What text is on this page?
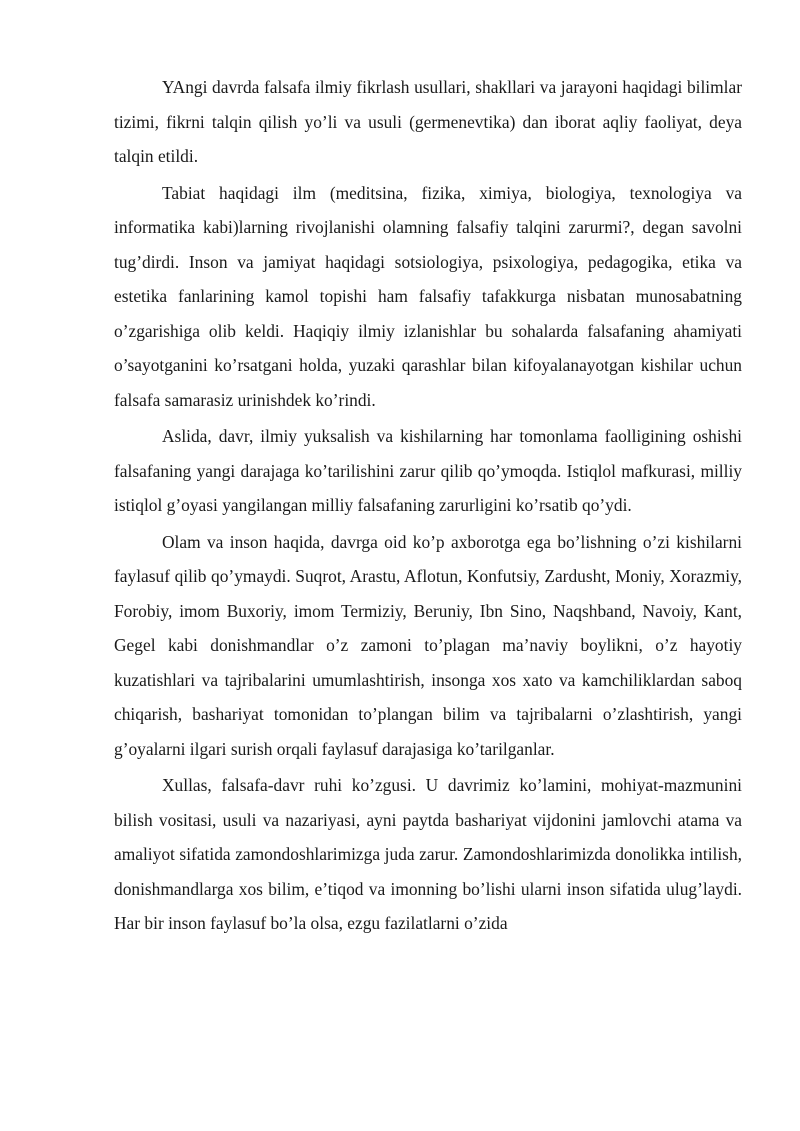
YAngi davrda falsafa ilmiy fikrlash usullari, shakllari va jarayoni haqidagi bilimlar tizimi, fikrni talqin qilish yo’li va usuli (germenevtika) dan iborat aqliy faoliyat, deya talqin etildi.

Tabiat haqidagi ilm (meditsina, fizika, ximiya, biologiya, texnologiya va informatika kabi)larning rivojlanishi olamning falsafiy talqini zarurmi?, degan savolni tug’dirdi. Inson va jamiyat haqidagi sotsiologiya, psixologiya, pedagogika, etika va estetika fanlarining kamol topishi ham falsafiy tafakkurga nisbatan munosabatning o’zgarishiga olib keldi. Haqiqiy ilmiy izlanishlar bu sohalarda falsafaning ahamiyati o’sayotganini ko’rsatgani holda, yuzaki qarashlar bilan kifoyalanayotgan kishilar uchun falsafa samarasiz urinishdek ko’rindi.

Aslida, davr, ilmiy yuksalish va kishilarning har tomonlama faolligining oshishi falsafaning yangi darajaga ko’tarilishini zarur qilib qo’ymoqda. Istiqlol mafkurasi, milliy istiqlol g’oyasi yangilangan milliy falsafaning zarurligini ko’rsatib qo’ydi.

Olam va inson haqida, davrga oid ko’p axborotga ega bo’lishning o’zi kishilarni faylasuf qilib qo’ymaydi. Suqrot, Arastu, Aflotun, Konfutsiy, Zardusht, Moniy, Xorazmiy, Forobiy, imom Buxoriy, imom Termiziy, Beruniy, Ibn Sino, Naqshband, Navoiy, Kant, Gegel kabi donishmandlar o’z zamoni to’plagan ma’naviy boylikni, o’z hayotiy kuzatishlari va tajribalarini umumlashtirish, insonga xos xato va kamchiliklardan saboq chiqarish, bashariyat tomonidan to’plangan bilim va tajribalarni o’zlashtirish, yangi g’oyalarni ilgari surish orqali faylasuf darajasiga ko’tarilganlar.

Xullas, falsafa-davr ruhi ko’zgusi. U davrimiz ko’lamini, mohiyat-mazmunini bilish vositasi, usuli va nazariyasi, ayni paytda bashariyat vijdonini jamlovchi atama va amaliyot sifatida zamondoshlarimizga juda zarur. Zamondoshlarimizda donolikka intilish, donishmandlarga xos bilim, e’tiqod va imonning bo’lishi ularni inson sifatida ulug’laydi. Har bir inson faylasuf bo’la olsa, ezgu fazilatlarni o’zida
